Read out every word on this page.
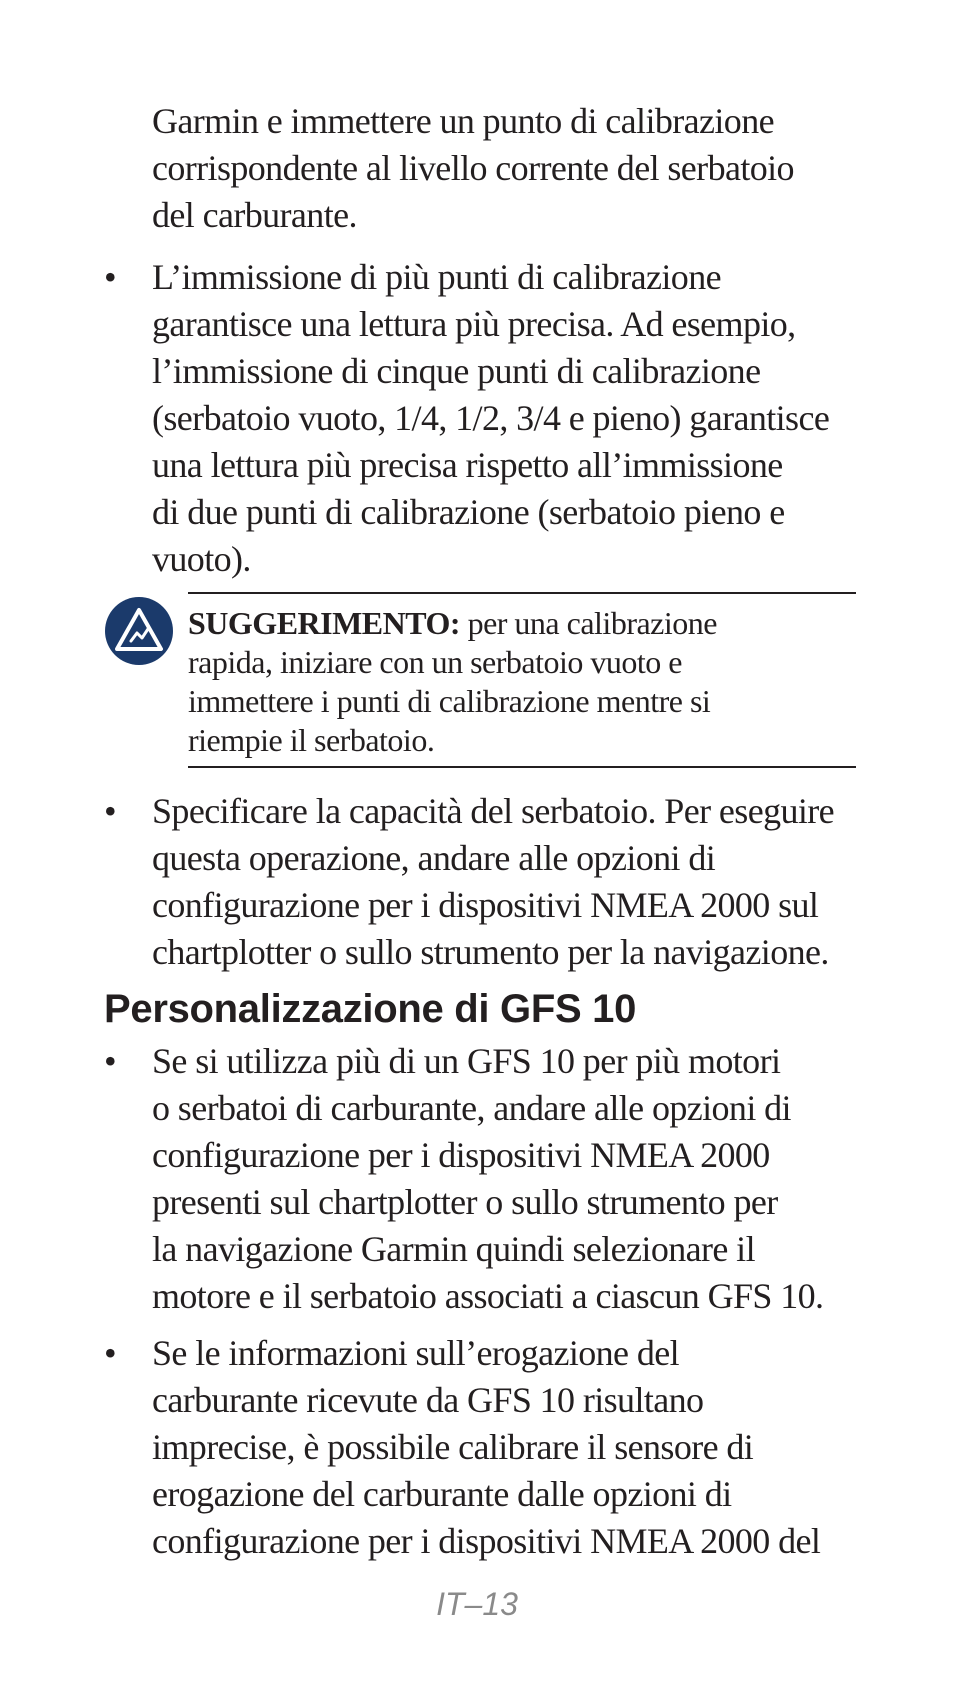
Garmin e immettere un punto di calibrazione
corrispondente al livello corrente del serbatoio
del carburante.
• L’immissione di più punti di calibrazione
garantisce una lettura più precisa. Ad esempio,
l’immissione di cinque punti di calibrazione
(serbatoio vuoto, 1/4, 1/2, 3/4 e pieno) garantisce
una lettura più precisa rispetto all’immissione
di due punti di calibrazione (serbatoio pieno e
vuoto).
SUGGERIMENTO: per una calibrazione
rapida, iniziare con un serbatoio vuoto e
immettere i punti di calibrazione mentre si
riempie il serbatoio.
• Specificare la capacità del serbatoio. Per eseguire
questa operazione, andare alle opzioni di
configurazione per i dispositivi NMEA 2000 sul
chartplotter o sullo strumento per la navigazione.
Personalizzazione di GFS 10
• Se si utilizza più di un GFS 10 per più motori
o serbatoi di carburante, andare alle opzioni di
configurazione per i dispositivi NMEA 2000
presenti sul chartplotter o sullo strumento per
la navigazione Garmin quindi selezionare il
motore e il serbatoio associati a ciascun GFS 10.
• Se le informazioni sull’erogazione del
carburante ricevute da GFS 10 risultano
imprecise, è possibile calibrare il sensore di
erogazione del carburante dalle opzioni di
configurazione per i dispositivi NMEA 2000 del
IT–13
